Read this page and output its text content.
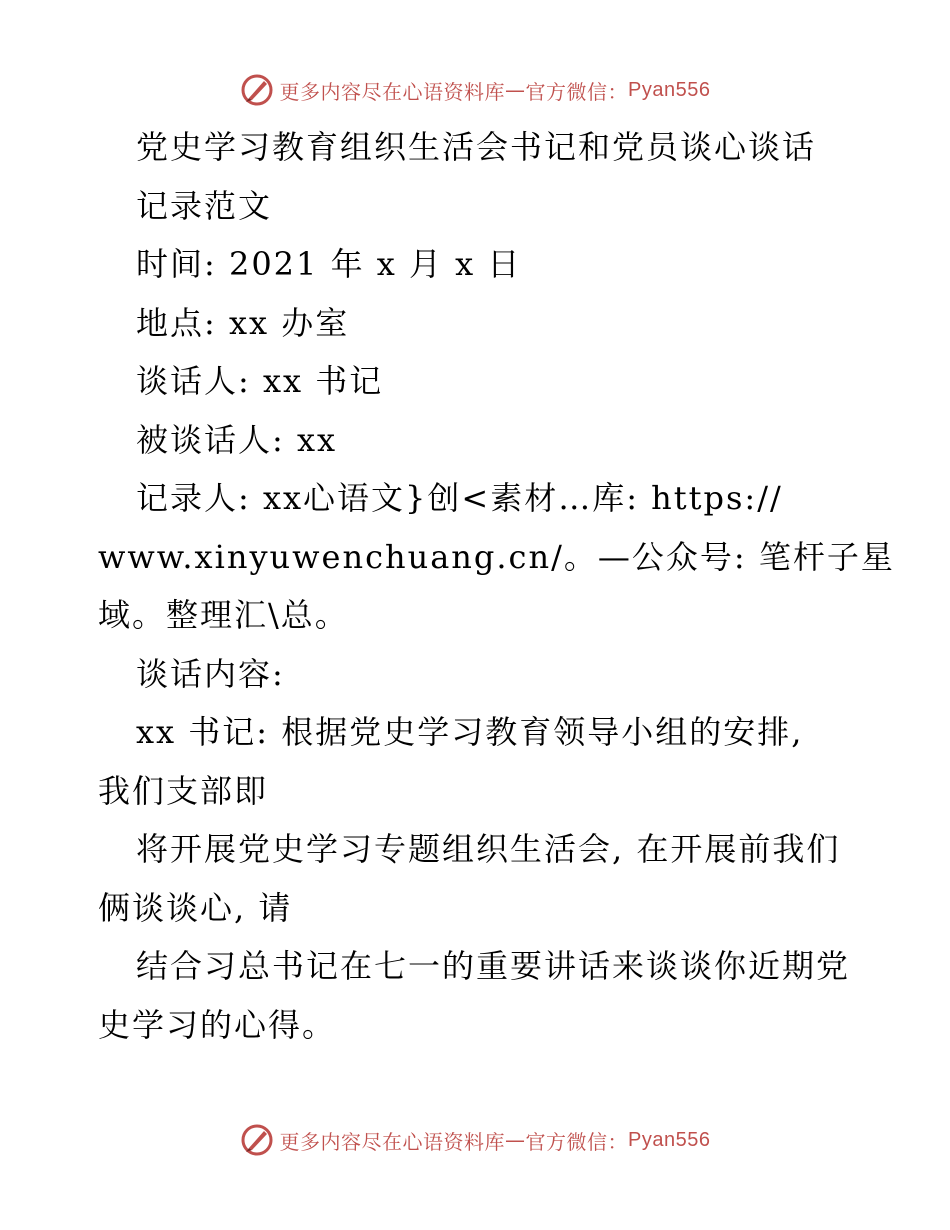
更多内容尽在心语资料库 — 官方微信： Pyan556
党史学习教育组织生活会书记和党员谈心谈话
记录范文
时间: 2021 年 x 月 x 日
地点: xx 办室
谈话人: xx 书记
被谈话人: xx
记录人: xx心语文}创<素材…库: https://
www.xinyuwenchuang.cn/。—公众号: 笔杆子星
域。整理汇\总。
谈话内容:
xx 书记: 根据党史学习教育领导小组的安排,
我们支部即
将开展党史学习专题组织生活会, 在开展前我们
俩谈谈心, 请
结合习总书记在七一的重要讲话来谈谈你近期党
史学习的心得。
更多内容尽在心语资料库 — 官方微信： Pyan556
